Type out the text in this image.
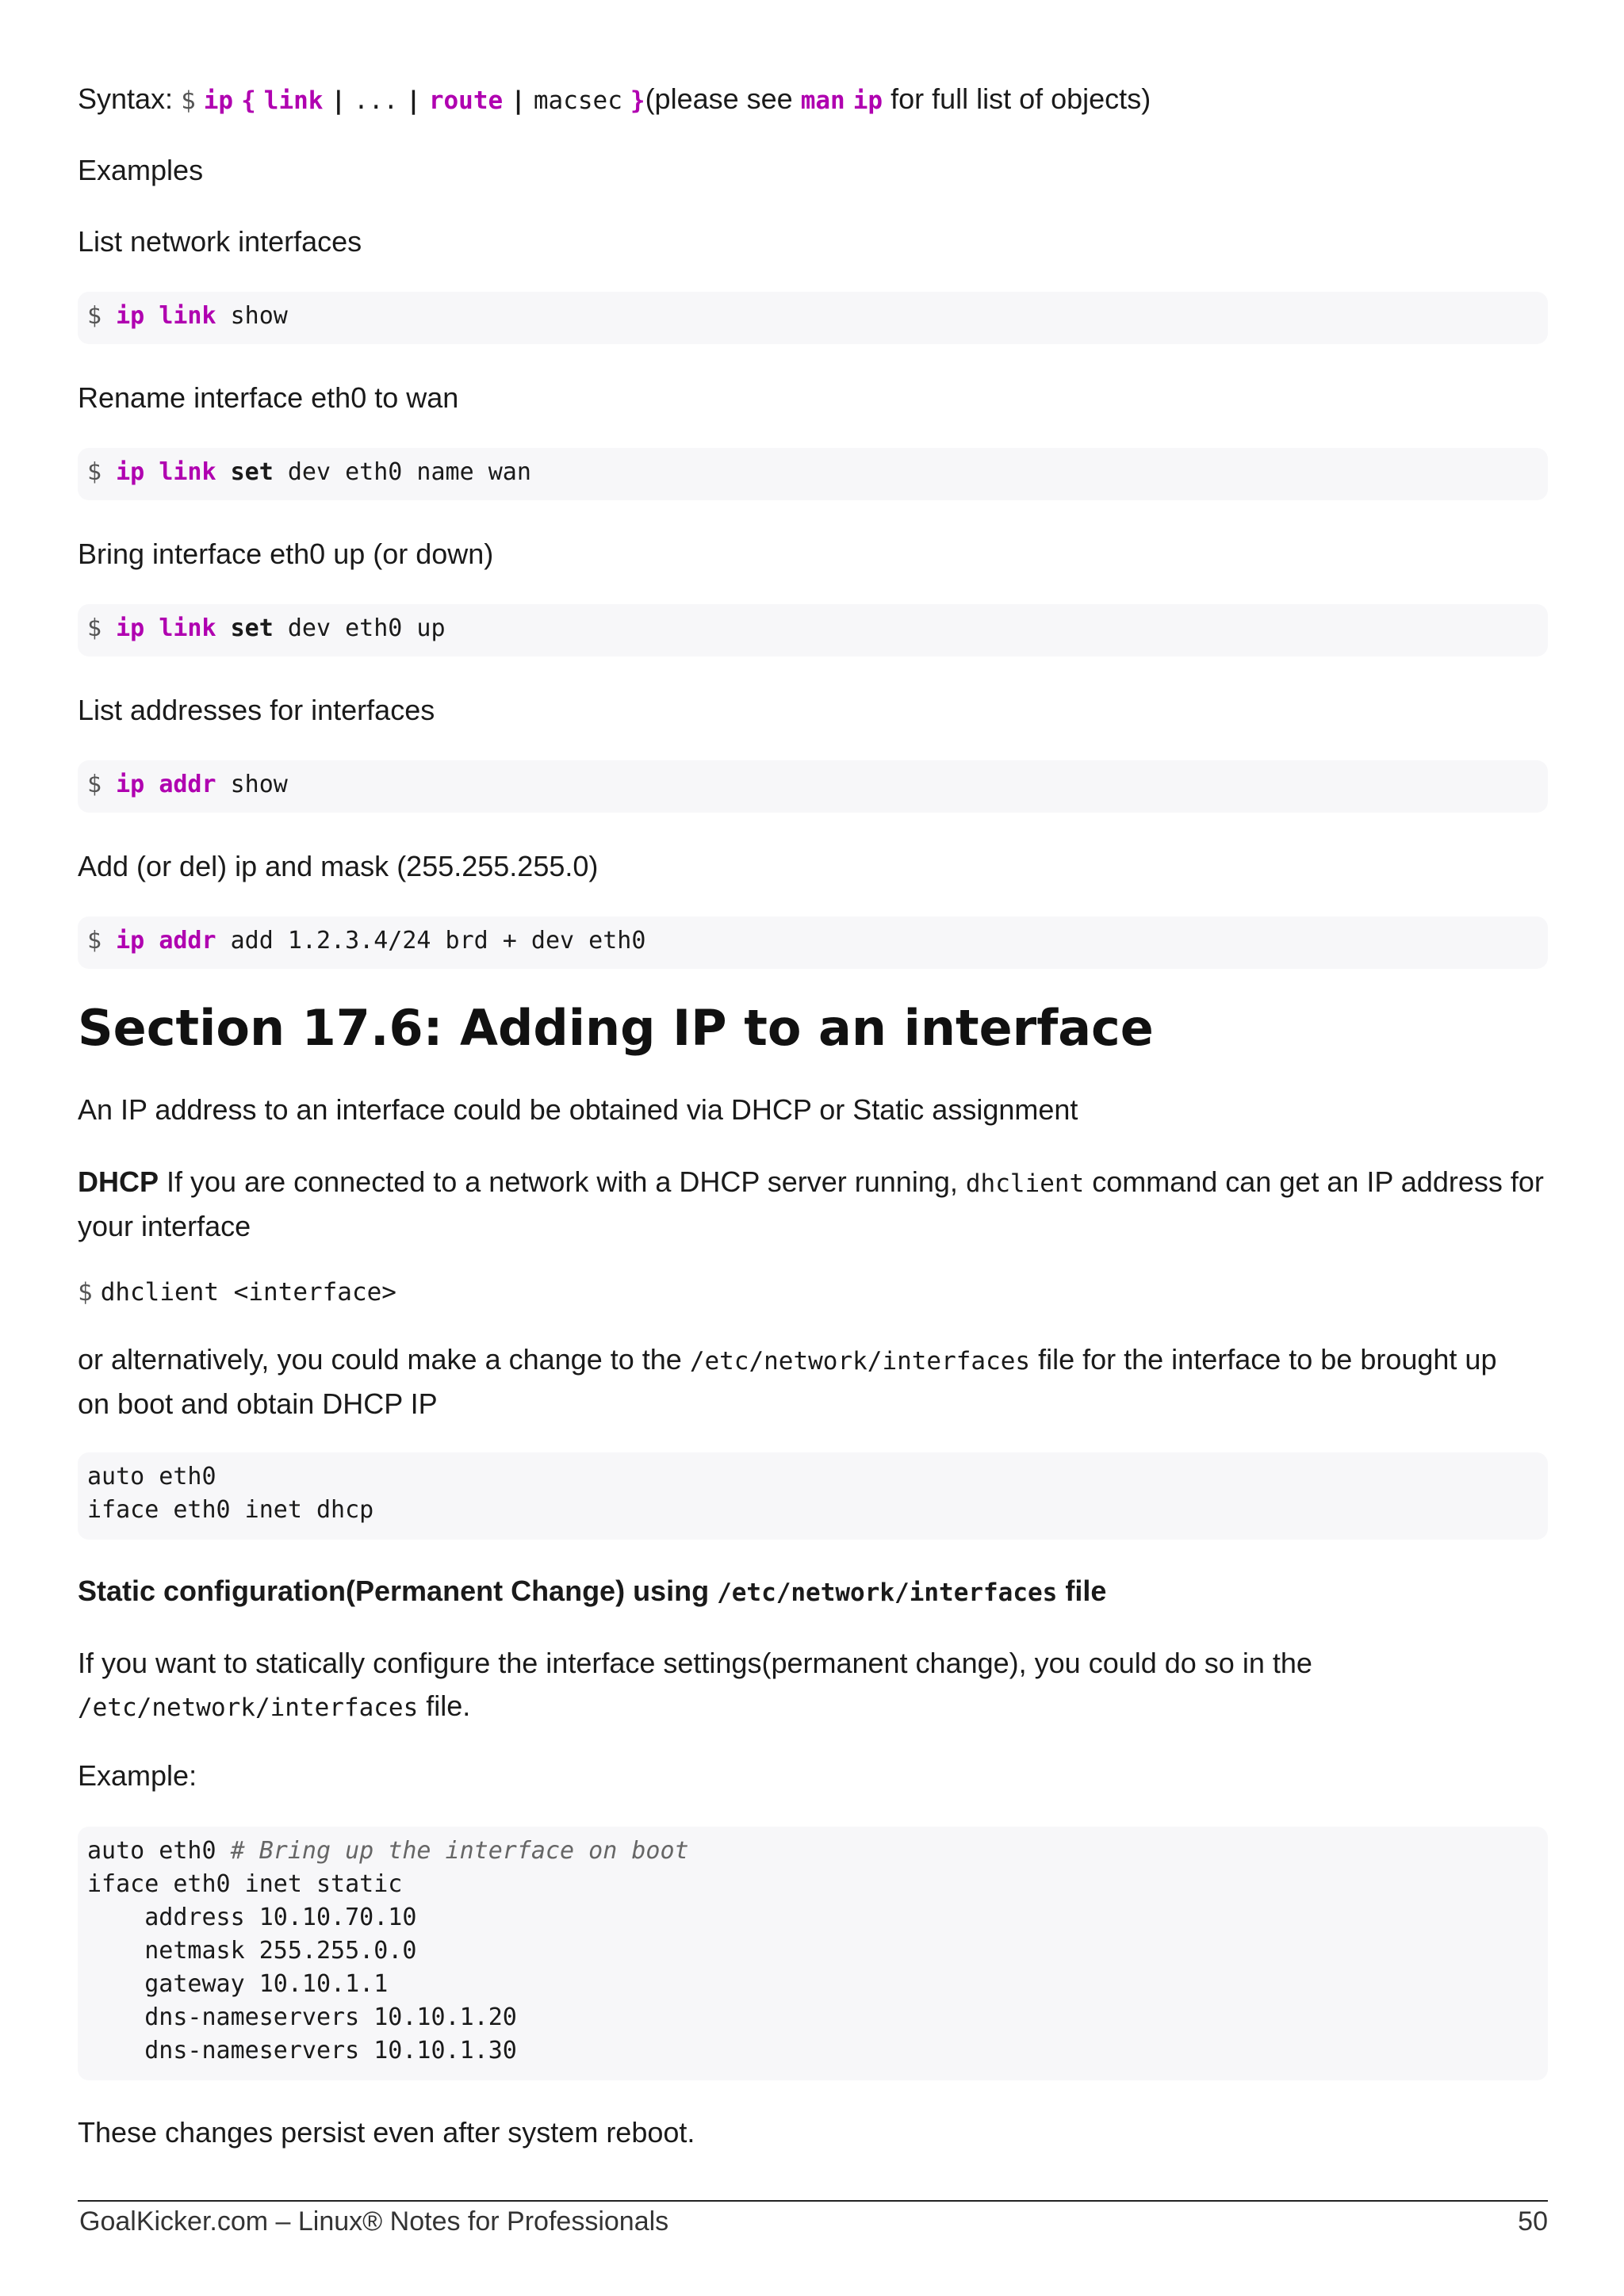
Syntax: $ ip { link | ... | route | macsec }(please see man ip for full list of objects)

Examples

List network interfaces

$ ip link show

Rename interface eth0 to wan

$ ip link set dev eth0 name wan

Bring interface eth0 up (or down)

$ ip link set dev eth0 up

List addresses for interfaces

$ ip addr show

Add (or del) ip and mask (255.255.255.0)

$ ip addr add 1.2.3.4/24 brd + dev eth0
Section 17.6: Adding IP to an interface

An IP address to an interface could be obtained via DHCP or Static assignment

DHCP If you are connected to a network with a DHCP server running, dhclient command can get an IP address for

your interface

$ dhclient <interface>

or alternatively, you could make a change to the /etc/network/interfaces file for the interface to be brought up

on boot and obtain DHCP IP

auto eth0
iface eth0 inet dhcp

Static configuration(Permanent Change) using /etc/network/interfaces file

If you want to statically configure the interface settings(permanent change), you could do so in the

/etc/network/interfaces file.

Example:

auto eth0 # Bring up the interface on boot
iface eth0 inet static
address 10.10.70.10
netmask 255.255.0.0
gateway 10.10.1.1
dns-nameservers 10.10.1.20
dns-nameservers 10.10.1.30

These changes persist even after system reboot.

GoalKicker.com – Linux® Notes for Professionals	50
